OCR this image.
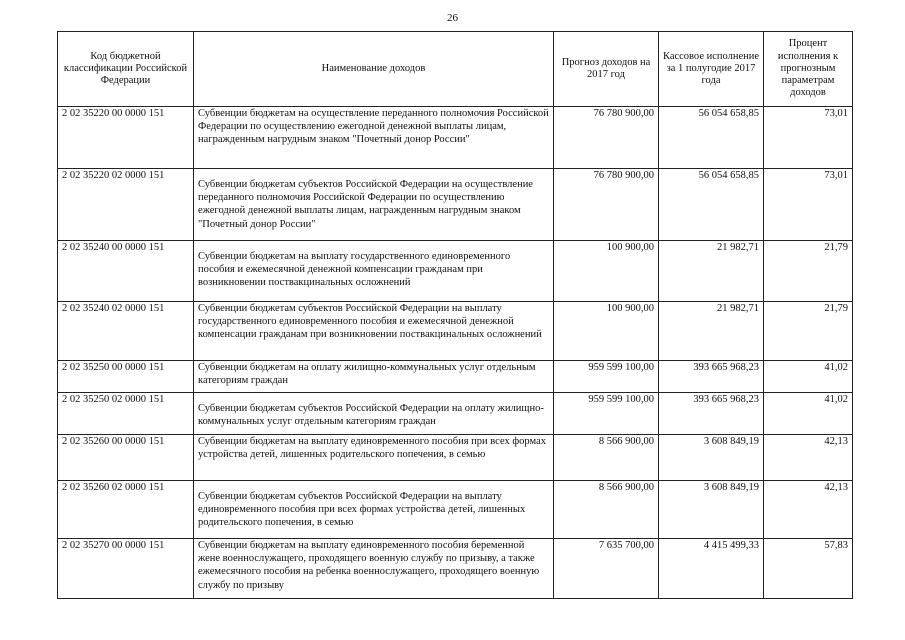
26
Код бюджетной классификации Российской Федерации	Наименование доходов	Прогноз доходов на 2017 год	Кассовое исполнение за 1 полугодие 2017 года	Процент исполнения к прогнозным параметрам доходов
2 02 35220 00 0000 151	Субвенции бюджетам на осуществление переданного полномочия Российской Федерации по осуществлению ежегодной денежной выплаты лицам, награжденным нагрудным знаком "Почетный донор России"	76 780 900,00	56 054 658,85	73,01
2 02 35220 02 0000 151	Субвенции бюджетам субъектов Российской Федерации на осуществление переданного полномочия Российской Федерации по осуществлению ежегодной денежной выплаты лицам, награжденным нагрудным знаком "Почетный донор России"	76 780 900,00	56 054 658,85	73,01
2 02 35240 00 0000 151	Субвенции бюджетам на выплату государственного единовременного пособия и ежемесячной денежной компенсации гражданам при возникновении поствакцинальных осложнений	100 900,00	21 982,71	21,79
2 02 35240 02 0000 151	Субвенции бюджетам субъектов Российской Федерации на выплату государственного единовременного пособия и ежемесячной денежной компенсации гражданам при возникновении поствакцинальных осложнений	100 900,00	21 982,71	21,79
2 02 35250 00 0000 151	Субвенции бюджетам на оплату жилищно-коммунальных услуг отдельным категориям граждан	959 599 100,00	393 665 968,23	41,02
2 02 35250 02 0000 151	Субвенции бюджетам субъектов Российской Федерации на оплату жилищно-коммунальных услуг отдельным категориям граждан	959 599 100,00	393 665 968,23	41,02
2 02 35260 00 0000 151	Субвенции бюджетам на выплату единовременного пособия при всех формах устройства детей, лишенных родительского попечения, в семью	8 566 900,00	3 608 849,19	42,13
2 02 35260 02 0000 151	Субвенции бюджетам субъектов Российской Федерации на выплату единовременного пособия при всех формах устройства детей, лишенных родительского попечения, в семью	8 566 900,00	3 608 849,19	42,13
2 02 35270 00 0000 151	Субвенции бюджетам на выплату единовременного пособия беременной жене военнослужащего, проходящего военную службу по призыву, а также ежемесячного пособия на ребенка военнослужащего, проходящего военную службу по призыву	7 635 700,00	4 415 499,33	57,83
